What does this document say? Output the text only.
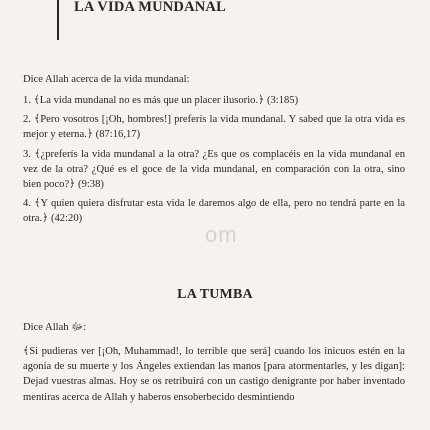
LA VIDA MUNDANAL
Dice Allah acerca de la vida mundanal:

1. ﴾La vida mundanal no es más que un placer ilusorio.﴿ (3:185)

2. ﴾Pero vosotros [¡Oh, hombres!] preferís la vida mundanal. Y sabed que la otra vida es mejor y eterna.﴿ (87:16,17)

3. ﴾¿preferís la vida mundanal a la otra? ¿Es que os complacéis en la vida mundanal en vez de la otra? ¿Qué es el goce de la vida mundanal, en comparación con la otra, sino bien poco?﴿ (9:38)

4. ﴾Y quien quiera disfrutar esta vida le daremos algo de ella, pero no tendrá parte en la otra.﴿ (42:20)

om
LA TUMBA
Dice Allah ﷻ:
﴾Si pudieras ver [¡Oh, Muhammad!, lo terrible que será] cuando los inicuos estén en la agonía de su muerte y los Ángeles extiendan las manos [para atormentarles, y les digan]: Dejad vuestras almas. Hoy se os retribuirá con un castigo denigrante por haber inventado mentiras acerca de Allah y haberos ensoberbecido desmintiendo
